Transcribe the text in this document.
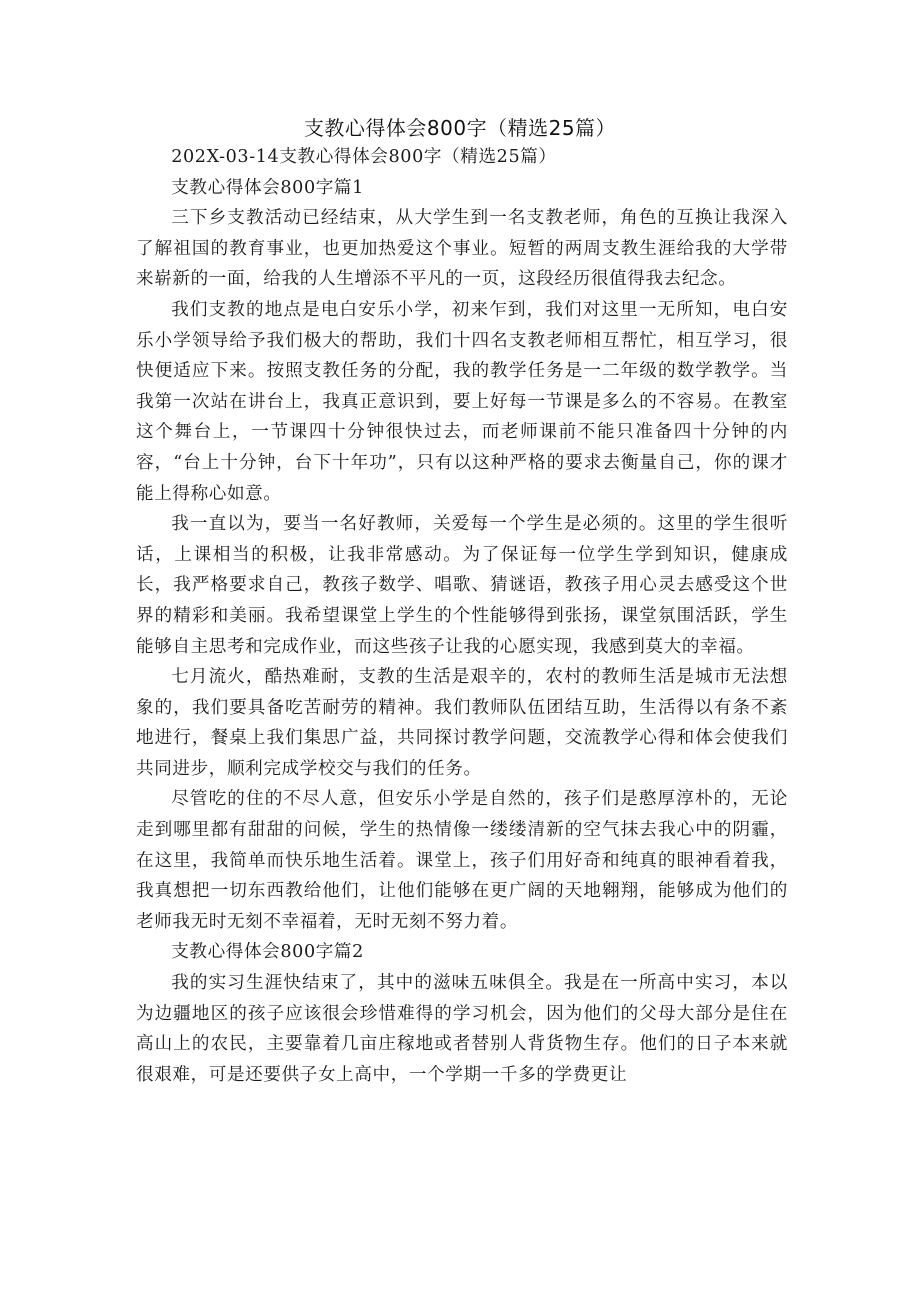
支教心得体会800字（精选25篇）

202X-03-14支教心得体会800字（精选25篇）

支教心得体会800字篇1

三下乡支教活动已经结束，从大学生到一名支教老师，角色的互换让我深入了解祖国的教育事业，也更加热爱这个事业。短暂的两周支教生涯给我的大学带来崭新的一面，给我的人生增添不平凡的一页，这段经历很值得我去纪念。

我们支教的地点是电白安乐小学，初来乍到，我们对这里一无所知，电白安乐小学领导给予我们极大的帮助，我们十四名支教老师相互帮忙，相互学习，很快便适应下来。按照支教任务的分配，我的教学任务是一二年级的数学教学。当我第一次站在讲台上，我真正意识到，要上好每一节课是多么的不容易。在教室这个舞台上，一节课四十分钟很快过去，而老师课前不能只准备四十分钟的内容，“台上十分钟，台下十年功”，只有以这种严格的要求去衡量自己，你的课才能上得称心如意。

我一直以为，要当一名好教师，关爱每一个学生是必须的。这里的学生很听话，上课相当的积极，让我非常感动。为了保证每一位学生学到知识，健康成长，我严格要求自己，教孩子数学、唱歌、猜谜语，教孩子用心灵去感受这个世界的精彩和美丽。我希望课堂上学生的个性能够得到张扬，课堂氛围活跃，学生能够自主思考和完成作业，而这些孩子让我的心愿实现，我感到莫大的幸福。

七月流火，酷热难耐，支教的生活是艰辛的，农村的教师生活是城市无法想象的，我们要具备吃苦耐劳的精神。我们教师队伍团结互助，生活得以有条不紊地进行，餐桌上我们集思广益，共同探讨教学问题，交流教学心得和体会使我们共同进步，顺利完成学校交与我们的任务。

尽管吃的住的不尽人意，但安乐小学是自然的，孩子们是憨厚淳朴的，无论走到哪里都有甜甜的问候，学生的热情像一缕缕清新的空气抹去我心中的阴霾，在这里，我简单而快乐地生活着。课堂上，孩子们用好奇和纯真的眼神看着我，我真想把一切东西教给他们，让他们能够在更广阔的天地翱翔，能够成为他们的老师我无时无刻不幸福着，无时无刻不努力着。

支教心得体会800字篇2

我的实习生涯快结束了，其中的滋味五味俱全。我是在一所高中实习，本以为边疆地区的孩子应该很会珍惜难得的学习机会，因为他们的父母大部分是住在高山上的农民，主要靠着几亩庄稼地或者替别人背货物生存。他们的日子本来就很艰难，可是还要供子女上高中，一个学期一千多的学费更让
